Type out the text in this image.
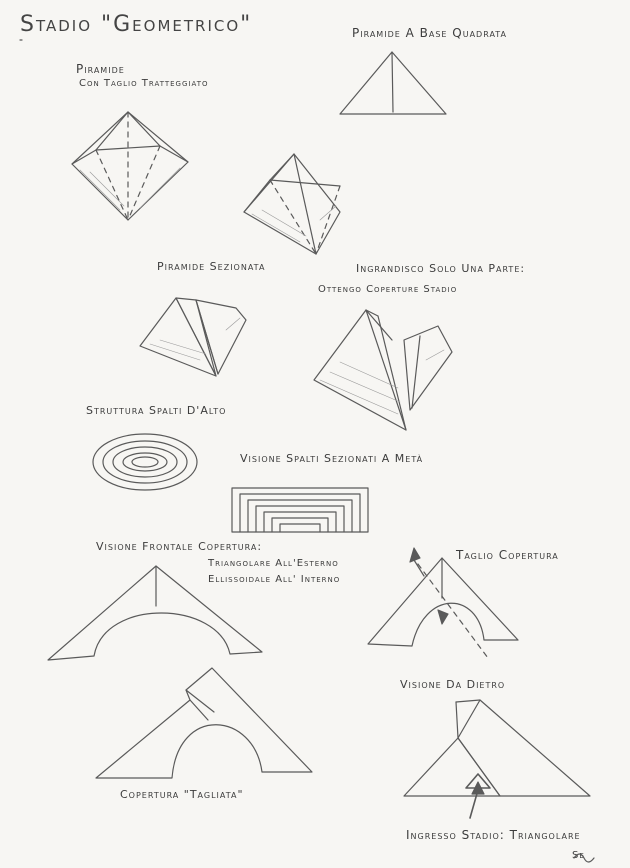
Stadio "Geometrico"	Piramide A Base Quadrata
Piramide
Con Taglio Tratteggiato
Piramide Sezionata	Ingrandisco Solo Una Parte:
Ottengo Coperture Stadio
Struttura Spalti D'Alto
Visione Spalti Sezionati A Metà
Visione Frontale Copertura:
Triangolare All'Esterno
Ellissoidale All' Interno
Taglio Copertura
Visione Da Dietro
Copertura "Tagliata"
Ingresso Stadio: Triangolare
Se
